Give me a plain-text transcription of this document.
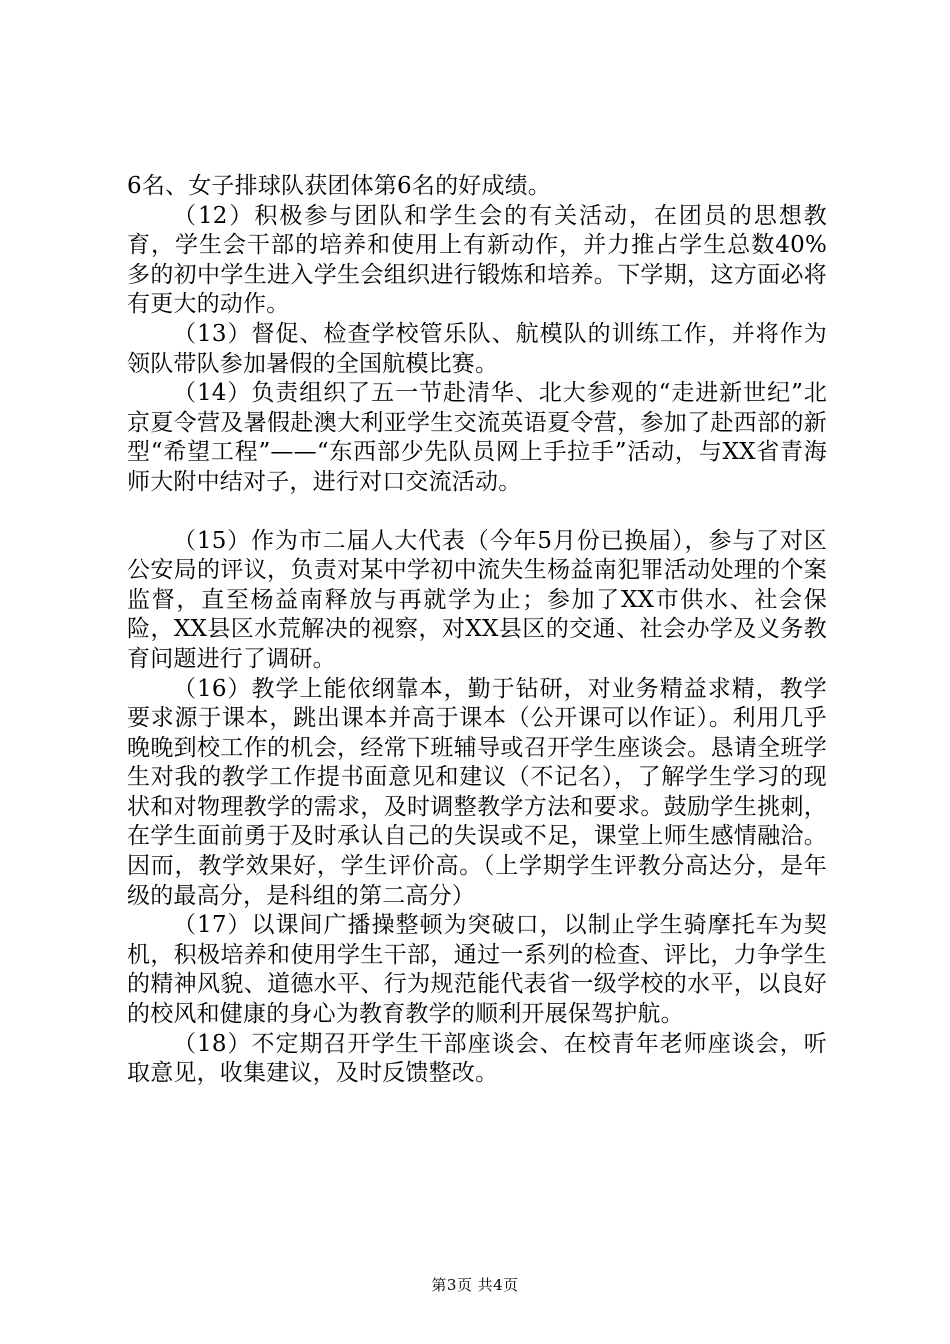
6名、女子排球队获团体第6名的好成绩。

（12）积极参与团队和学生会的有关活动，在团员的思想教育，学生会干部的培养和使用上有新动作，并力推占学生总数40%多的初中学生进入学生会组织进行锻炼和培养。下学期，这方面必将有更大的动作。

（13）督促、检查学校管乐队、航模队的训练工作，并将作为领队带队参加暑假的全国航模比赛。

（14）负责组织了五一节赴清华、北大参观的“走进新世纪”北京夏令营及暑假赴澳大利亚学生交流英语夏令营，参加了赴西部的新型“希望工程”——“东西部少先队员网上手拉手”活动，与XX省青海师大附中结对子，进行对口交流活动。

（15）作为市二届人大代表（今年5月份已换届），参与了对区公安局的评议，负责对某中学初中流失生杨益南犯罪活动处理的个案监督，直至杨益南释放与再就学为止；参加了XX市供水、社会保险，XX县区水荒解决的视察，对XX县区的交通、社会办学及义务教育问题进行了调研。

（16）教学上能依纲靠本，勤于钻研，对业务精益求精，教学要求源于课本，跳出课本并高于课本（公开课可以作证）。利用几乎晚晚到校工作的机会，经常下班辅导或召开学生座谈会。恳请全班学生对我的教学工作提书面意见和建议（不记名），了解学生学习的现状和对物理教学的需求，及时调整教学方法和要求。鼓励学生挑刺，在学生面前勇于及时承认自己的失误或不足，课堂上师生感情融洽。因而，教学效果好，学生评价高。（上学期学生评教分高达分，是年级的最高分，是科组的第二高分）

（17）以课间广播操整顿为突破口，以制止学生骑摩托车为契机，积极培养和使用学生干部，通过一系列的检查、评比，力争学生的精神风貌、道德水平、行为规范能代表省一级学校的水平，以良好的校风和健康的身心为教育教学的顺利开展保驾护航。

（18）不定期召开学生干部座谈会、在校青年老师座谈会，听取意见，收集建议，及时反馈整改。

第3页 共4页
